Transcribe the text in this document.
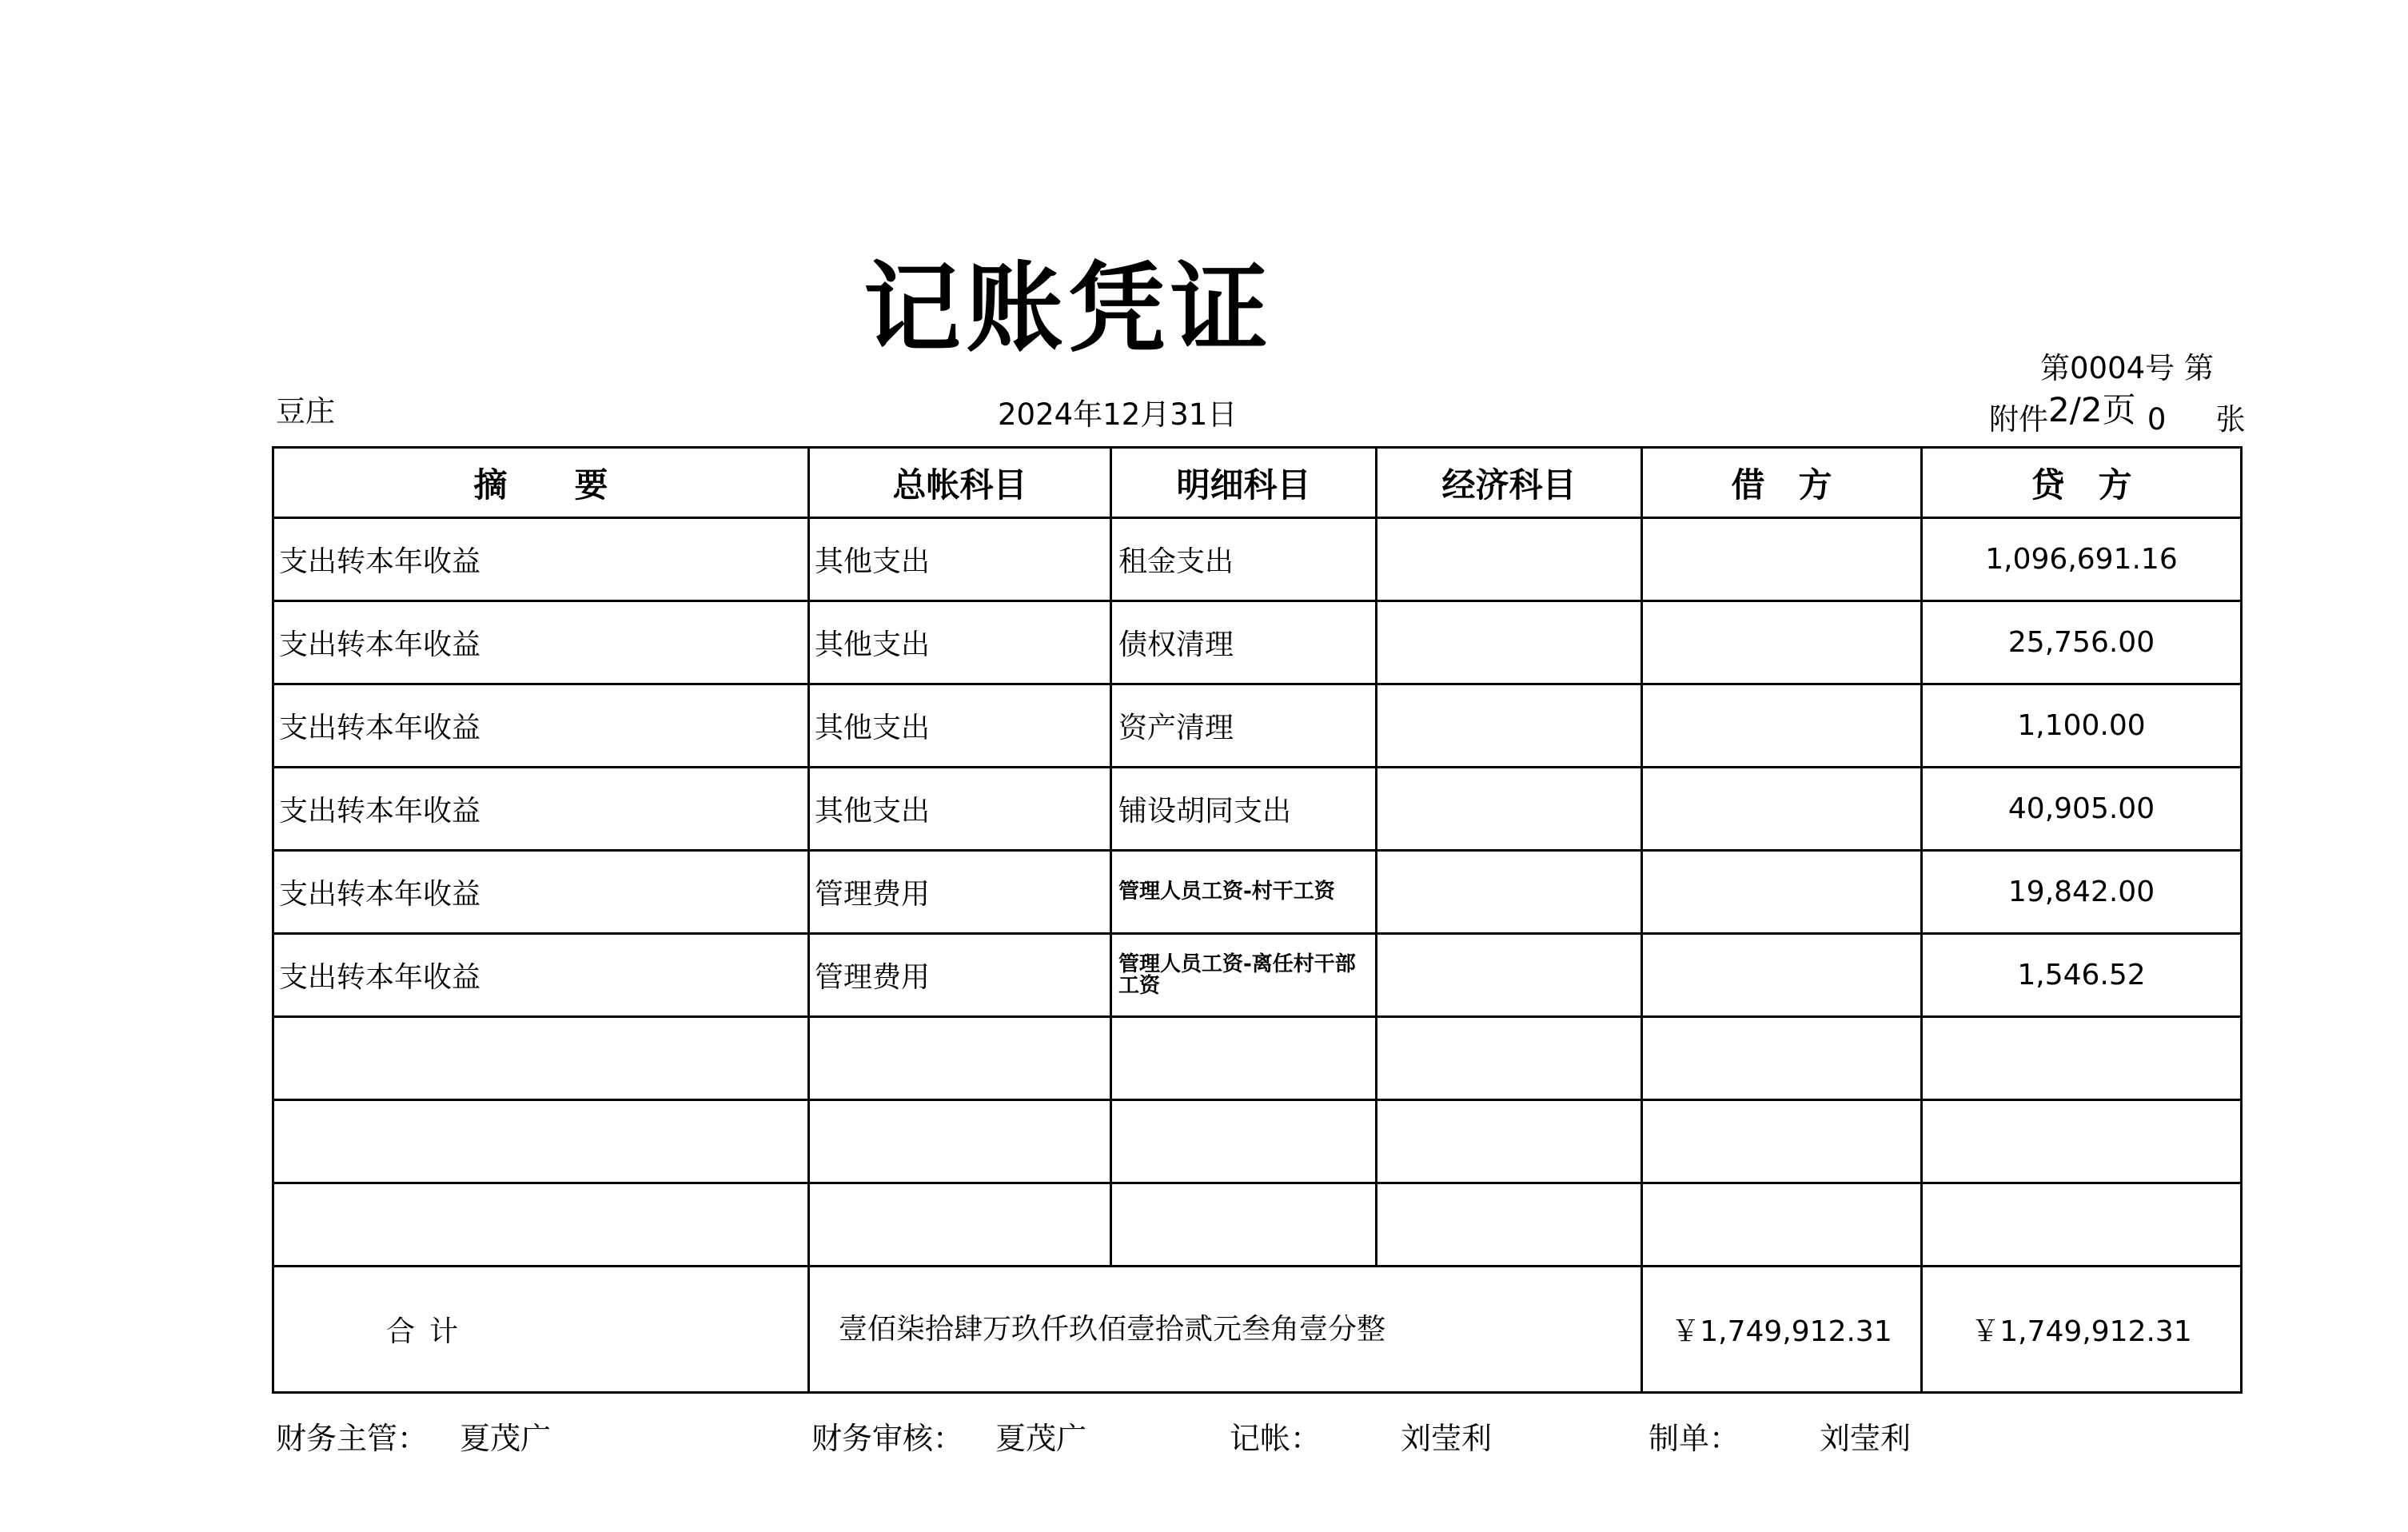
记账凭证
豆庄	2024年12月31日
第0004号 第
附件2/2页 0 张
摘　　要	总帐科目	明细科目	经济科目	借　方	贷　方
支出转本年收益	其他支出	租金支出			1,096,691.16
支出转本年收益	其他支出	债权清理			25,756.00
支出转本年收益	其他支出	资产清理			1,100.00
支出转本年收益	其他支出	铺设胡同支出			40,905.00
支出转本年收益	管理费用	管理人员工资-村干工资			19,842.00
支出转本年收益	管理费用	管理人员工资-离任村干部工资			1,546.52

合计	壹佰柒拾肆万玖仟玖佰壹拾贰元叁角壹分整			￥1,749,912.31	￥1,749,912.31
财务主管： 夏茂广	财务审核： 夏茂广	记帐：	刘莹利	制单：	刘莹利
